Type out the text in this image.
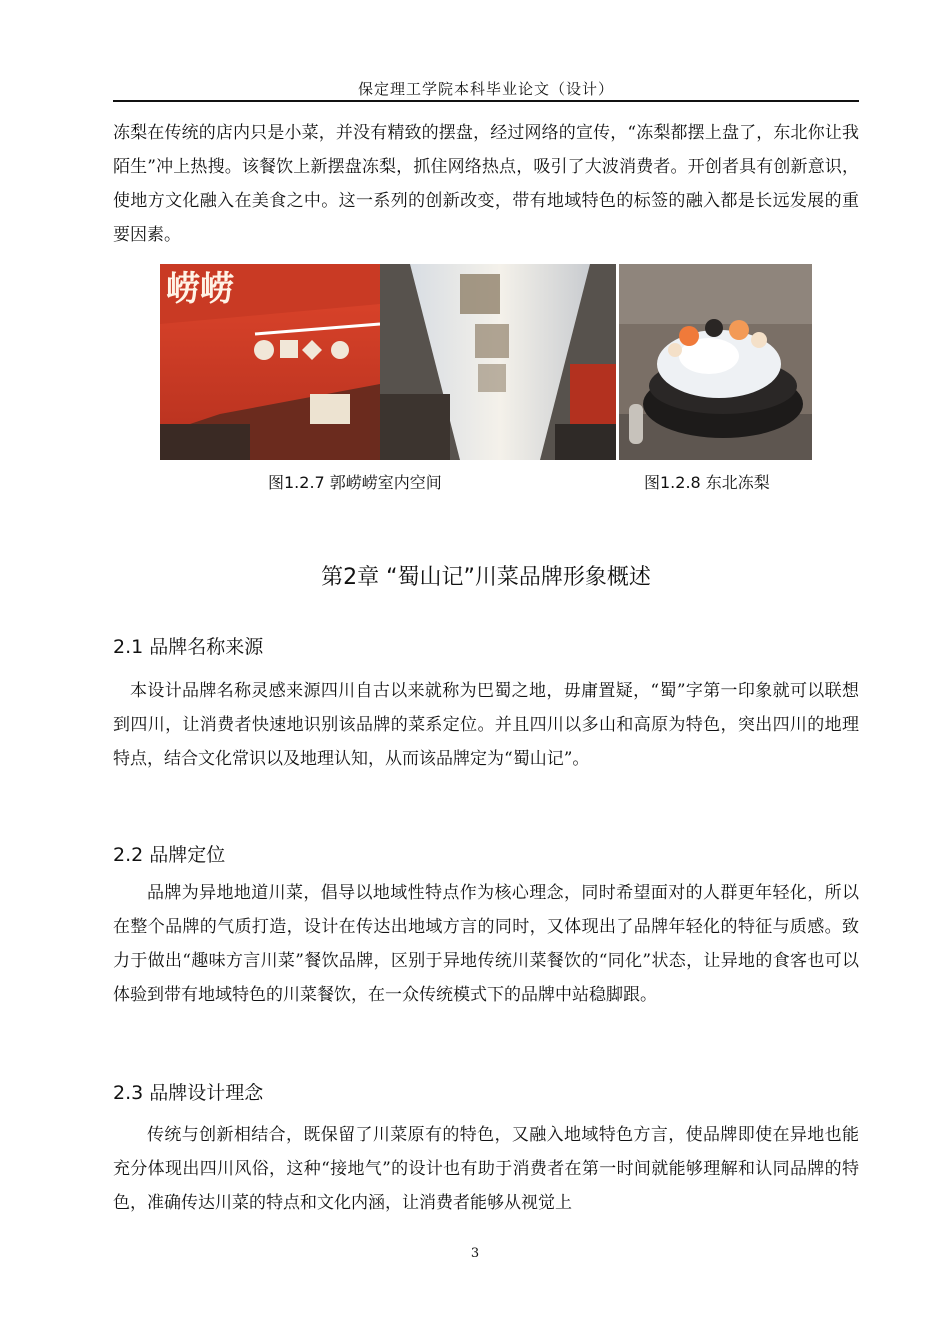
保定理工学院本科毕业论文（设计）

冻梨在传统的店内只是小菜，并没有精致的摆盘，经过网络的宣传，“冻梨都摆上盘了，东北你让我陌生”冲上热搜。该餐饮上新摆盘冻梨，抓住网络热点，吸引了大波消费者。开创者具有创新意识，使地方文化融入在美食之中。这一系列的创新改变，带有地域特色的标签的融入都是长远发展的重要因素。

崂崂
图1.2.7 郭崂崂室内空间	图1.2.8 东北冻梨
第2章 “蜀山记”川菜品牌形象概述
2.1 品牌名称来源

本设计品牌名称灵感来源四川自古以来就称为巴蜀之地，毋庸置疑，“蜀”字第一印象就可以联想到四川，让消费者快速地识别该品牌的菜系定位。并且四川以多山和高原为特色，突出四川的地理特点，结合文化常识以及地理认知，从而该品牌定为“蜀山记”。

2.2 品牌定位

品牌为异地地道川菜，倡导以地域性特点作为核心理念，同时希望面对的人群更年轻化，所以在整个品牌的气质打造，设计在传达出地域方言的同时，又体现出了品牌年轻化的特征与质感。致力于做出“趣味方言川菜”餐饮品牌，区别于异地传统川菜餐饮的“同化”状态，让异地的食客也可以体验到带有地域特色的川菜餐饮，在一众传统模式下的品牌中站稳脚跟。

2.3 品牌设计理念

传统与创新相结合，既保留了川菜原有的特色，又融入地域特色方言，使品牌即使在异地也能充分体现出四川风俗，这种“接地气”的设计也有助于消费者在第一时间就能够理解和认同品牌的特色，准确传达川菜的特点和文化内涵，让消费者能够从视觉上

3
